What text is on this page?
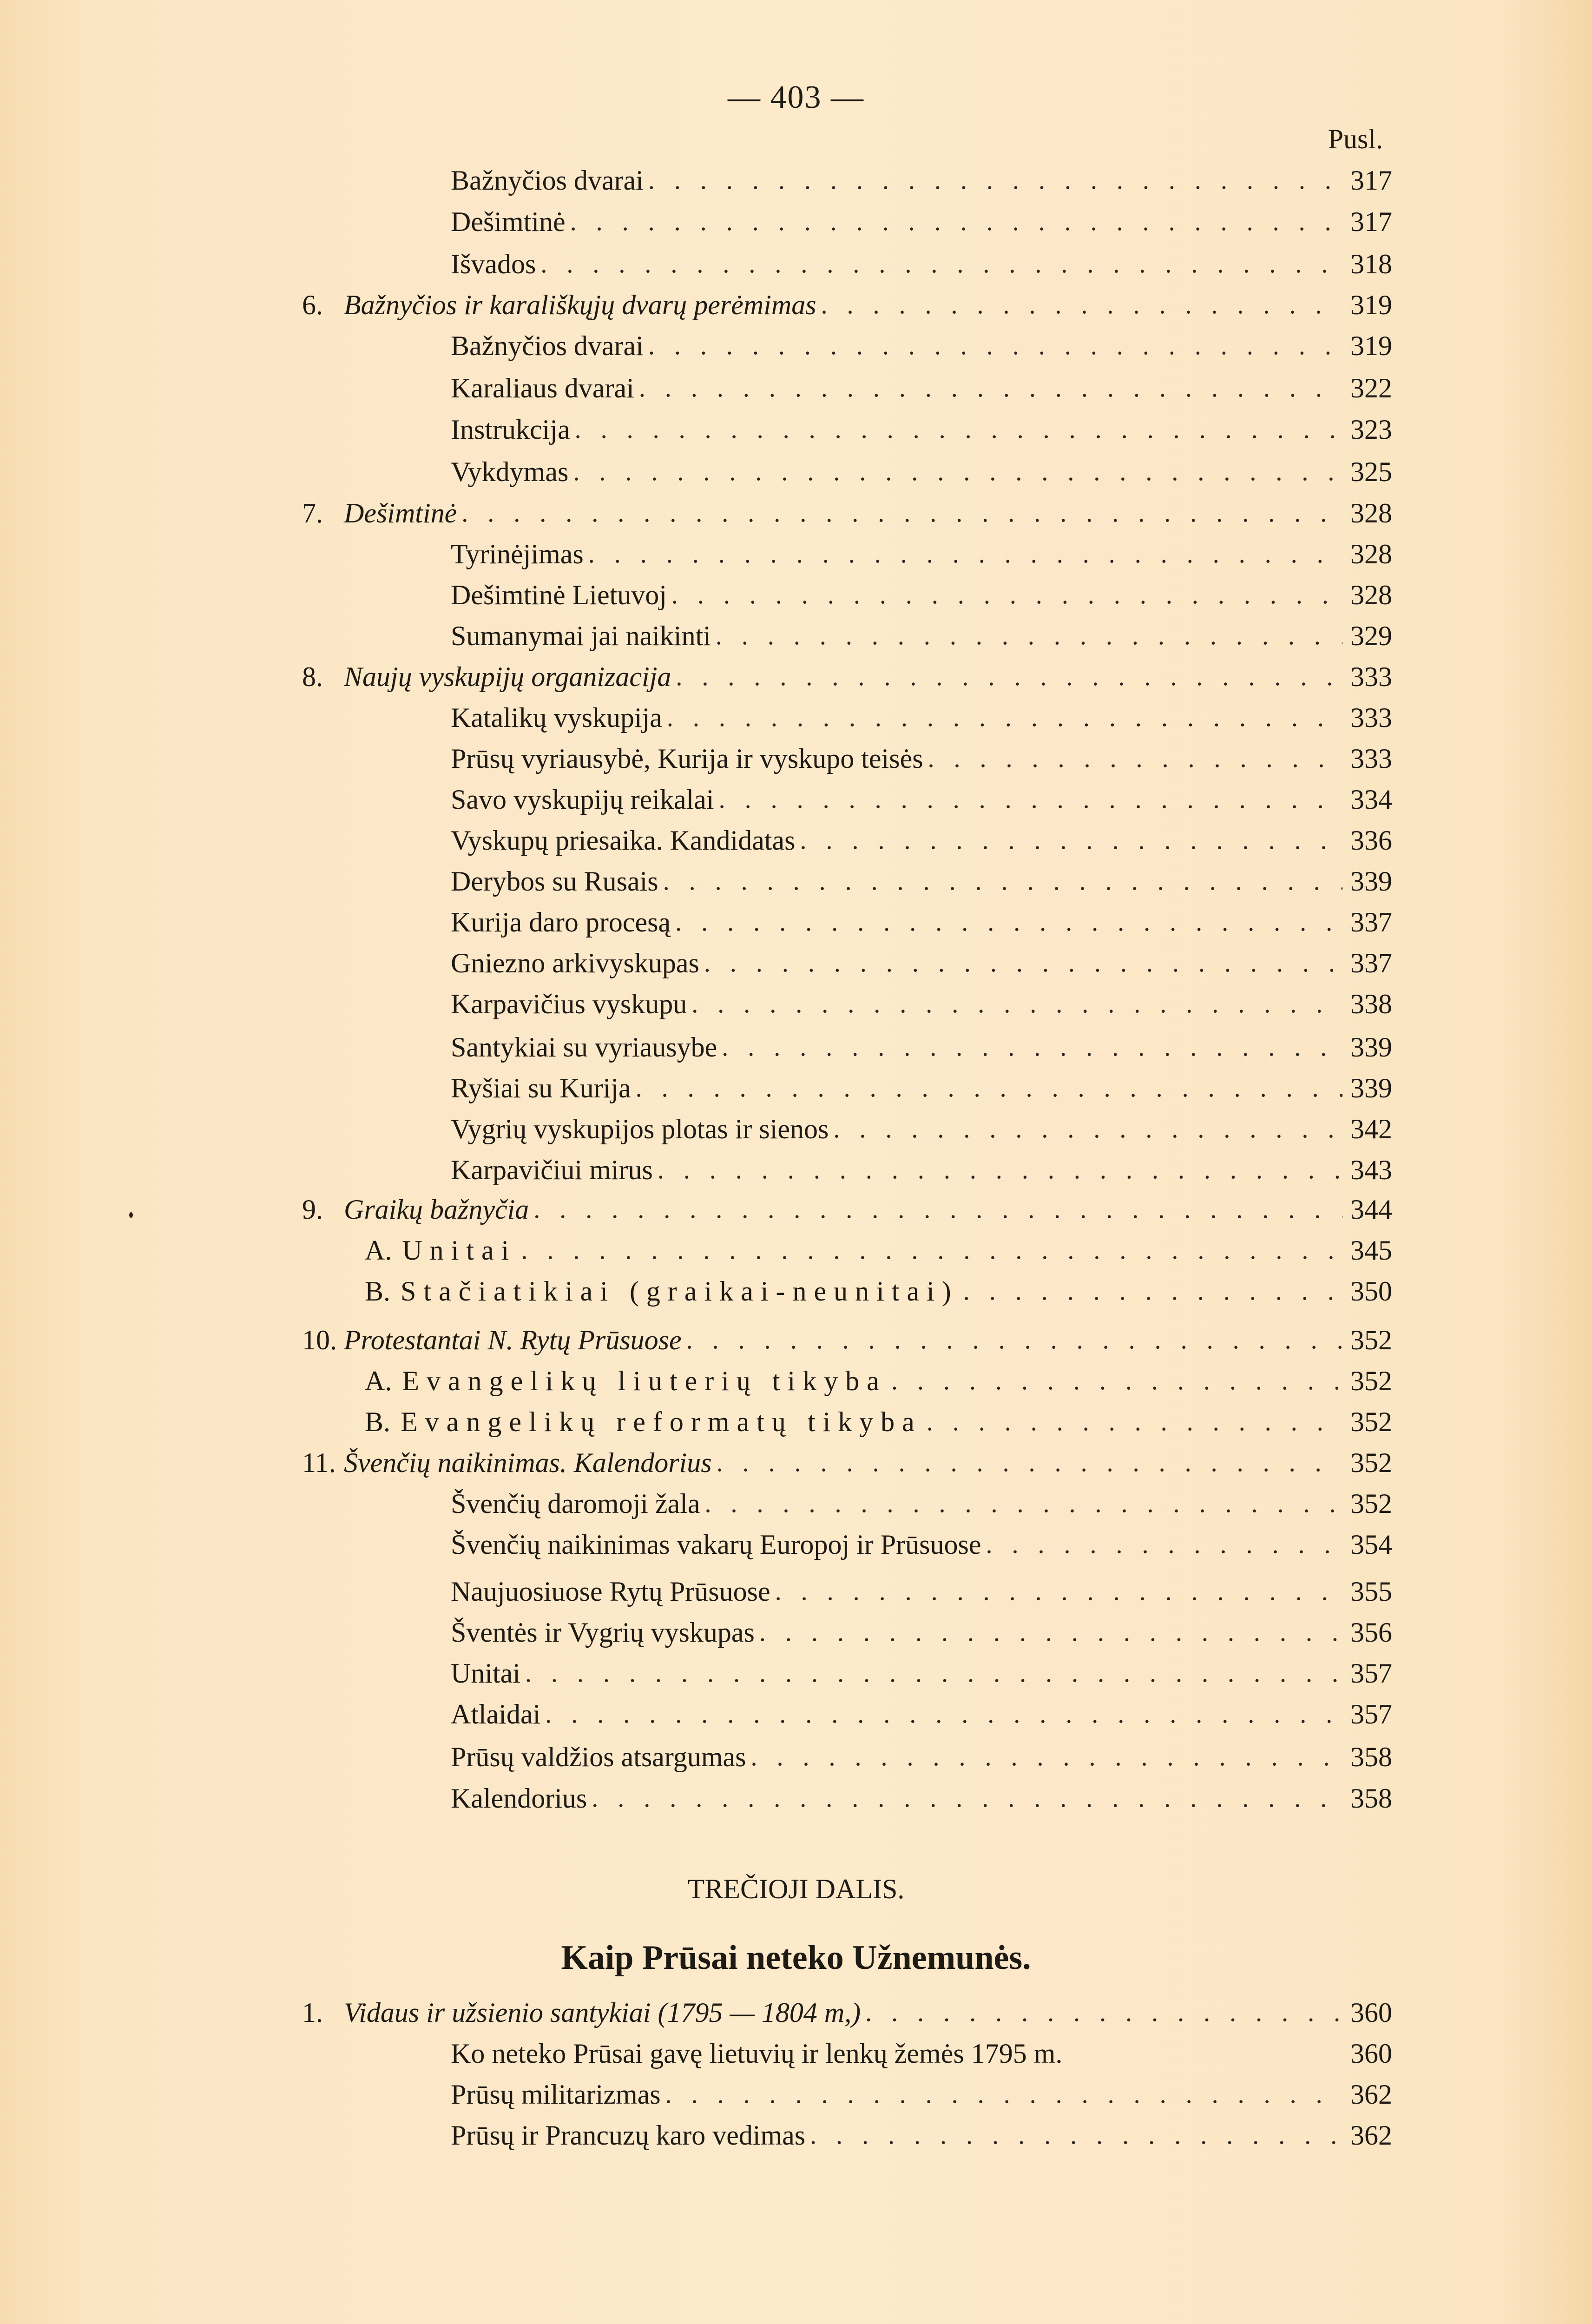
— 403 —
Pusl.
Bažnyčios dvarai . . .	317
Dešimtinė . . .	317
Išvados . . .	318
6. Bažnyčios ir karališkųjų dvarų perėmimas . . .	319
Bažnyčios dvarai . . .	319
Karaliaus dvarai . . .	322
Instrukcija . . .	323
Vykdymas . . .	325
7. Dešimtinė . . .	328
Tyrinėjimas . . .	328
Dešimtinė Lietuvoj . . .	328
Sumanymai jai naikinti . . .	329
8. Naujų vyskupijų organizacija . . .	333
Katalikų vyskupija . . .	333
Prūsų vyriausybė, Kurija ir vyskupo teisės . . .	333
Savo vyskupijų reikalai . . .	334
Vyskupų priesaika. Kandidatas . . .	336
Derybos su Rusais . . .	339
Kurija daro procesą . . .	337
Gniezno arkivyskupas . . .	337
Karpavičius vyskupu . . .	338
Santykiai su vyriausybe . . .	339
Ryšiai su Kurija . . .	339
Vygrių vyskupijos plotas ir sienos . . .	342
Karpavičiui mirus . . .	343
9. Graikų bažnyčia . . .	344
A. Unitai . . .	345
B. Stačiatikiai (graikai-neunitai) . . .	350
10. Protestantai N. Rytų Prūsuose . . .	352
A. Evangelikų liuterių tikyba . . .	352
B. Evangelikų reformatų tikyba . . .	352
11. Švenčių naikinimas. Kalendorius . . .	352
Švenčių daromoji žala . . .	352
Švenčių naikinimas vakarų Europoj ir Prūsuose . . .	354
Naujuosiuose Rytų Prūsuose . . .	355
Šventės ir Vygrių vyskupas . . .	356
Unitai . . .	357
Atlaidai . . .	357
Prūsų valdžios atsargumas . . .	358
Kalendorius . . .	358
TREČIOJI DALIS.
Kaip Prūsai neteko Užnemunės.
1. Vidaus ir užsienio santykiai (1795 — 1804 m,) . . .	360
Ko neteko Prūsai gavę lietuvių ir lenkų žemės 1795 m.	360
Prūsų militarizmas . . .	362
Prūsų ir Prancuzų karo vedimas . . .	362
